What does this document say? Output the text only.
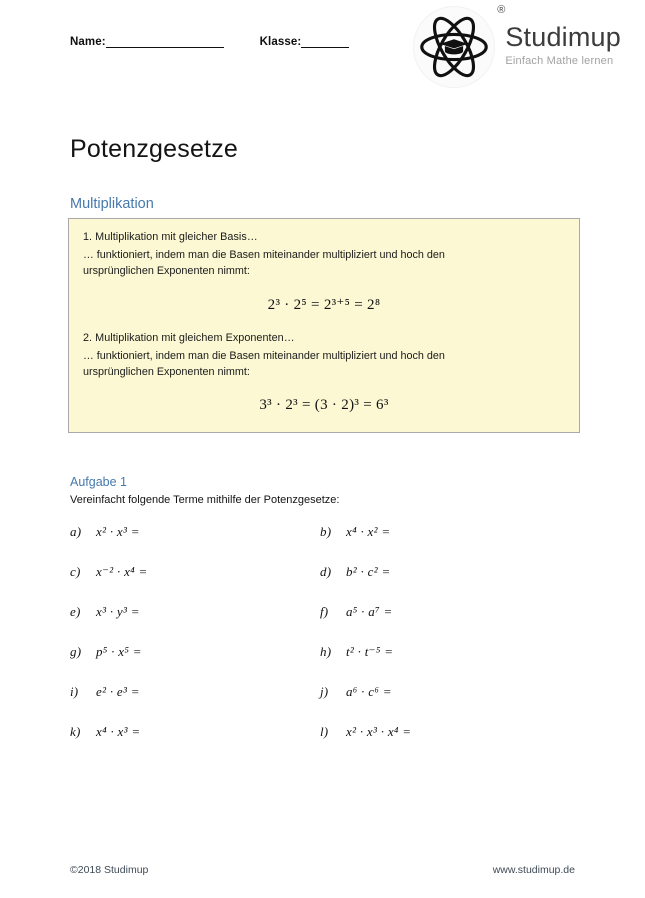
Name:	Klasse:
®
Studimup
Einfach Mathe lernen
Potenzgesetze
Multiplikation
1. Multiplikation mit gleicher Basis…
… funktioniert, indem man die Basen miteinander multipliziert und hoch den ursprünglichen Exponenten nimmt:
2³ · 2⁵ = 2³⁺⁵ = 2⁸
2. Multiplikation mit gleichem Exponenten…
… funktioniert, indem man die Basen miteinander multipliziert und hoch den ursprünglichen Exponenten nimmt:
3³ · 2³ = (3 · 2)³ = 6³
Aufgabe 1
Vereinfacht folgende Terme mithilfe der Potenzgesetze:
a)	x² · x³ =	b)	x⁴ · x² =
c)	x⁻² · x⁴ =	d)	b² · c² =
e)	x³ · y³ =	f)	a⁵ · a⁷ =
g)	p⁵ · x⁵ =	h)	t² · t⁻⁵ =
i)	e² · e³ =	j)	a⁶ · c⁶ =
k)	x⁴ · x³ =	l)	x² · x³ · x⁴ =
©2018 Studimup	www.studimup.de
